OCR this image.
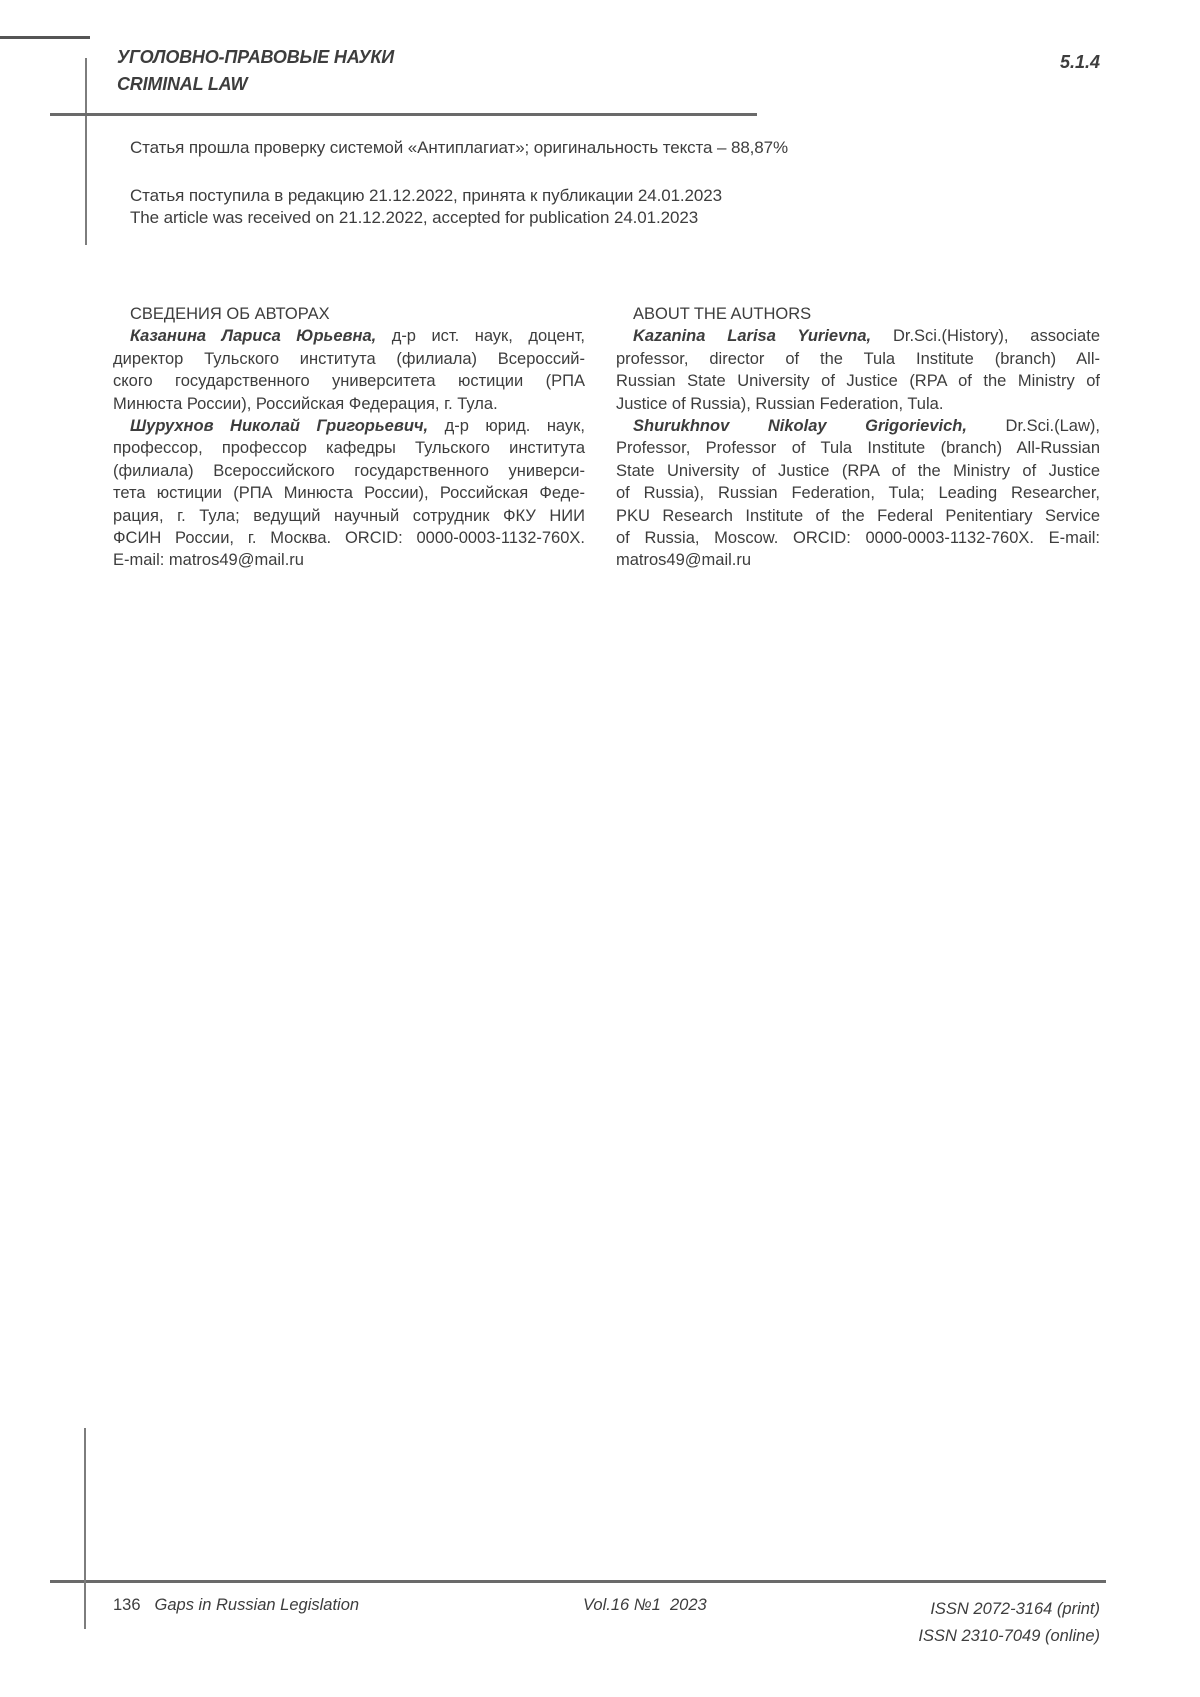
УГОЛОВНО-ПРАВОВЫЕ НАУКИ
CRIMINAL LAW
5.1.4
Статья прошла проверку системой «Антиплагиат»; оригинальность текста – 88,87%
Статья поступила в редакцию 21.12.2022, принята к публикации 24.01.2023
The article was received on 21.12.2022, accepted for publication 24.01.2023
СВЕДЕНИЯ ОБ АВТОРАХ
Казанина Лариса Юрьевна, д-р ист. наук, доцент,
директор Тульского института (филиала) Всероссий-
ского государственного университета юстиции (РПА
Минюста России), Российская Федерация, г. Тула.
Шурухнов Николай Григорьевич, д-р юрид. наук,
профессор, профессор кафедры Тульского института
(филиала) Всероссийского государственного универси-
тета юстиции (РПА Минюста России), Российская Феде-
рация, г. Тула; ведущий научный сотрудник ФКУ НИИ
ФСИН России, г. Москва. ORCID: 0000-0003-1132-760X.
E-mail: matros49@mail.ru
ABOUT THE AUTHORS
Kazanina Larisa Yurievna, Dr.Sci.(History), associate
professor, director of the Tula Institute (branch) All-
Russian State University of Justice (RPA of the Ministry of
Justice of Russia), Russian Federation, Tula.
Shurukhnov Nikolay Grigorievich, Dr.Sci.(Law),
Professor, Professor of Tula Institute (branch) All-Russian
State University of Justice (RPA of the Ministry of Justice
of Russia), Russian Federation, Tula; Leading Researcher,
PKU Research Institute of the Federal Penitentiary Service
of Russia, Moscow. ORCID: 0000-0003-1132-760X. E-mail:
matros49@mail.ru
136 Gaps in Russian Legislation	Vol.16 №1  2023	ISSN 2072-3164 (print)
ISSN 2310-7049 (online)
